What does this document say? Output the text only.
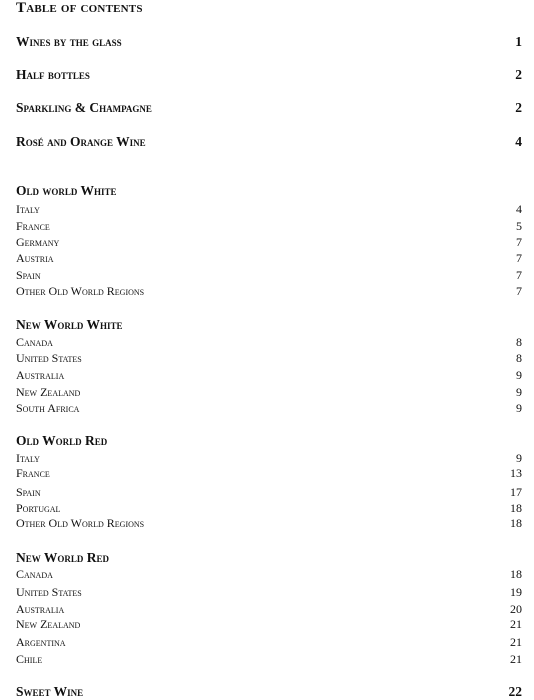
Table of contents
Wines by the glass	1
Half bottles	2
Sparkling & Champagne	2
Rosé and Orange Wine	4
Old world White
Italy	4
France	5
Germany	7
Austria	7
Spain	7
Other Old World Regions	7
New World White
Canada	8
United States	8
Australia	9
New Zealand	9
South Africa	9
Old World Red
Italy	9
France	13
Spain	17
Portugal	18
Other Old World Regions	18
New World Red
Canada	18
United States	19
Australia	20
New Zealand	21
Argentina	21
Chile	21
Sweet Wine	22
